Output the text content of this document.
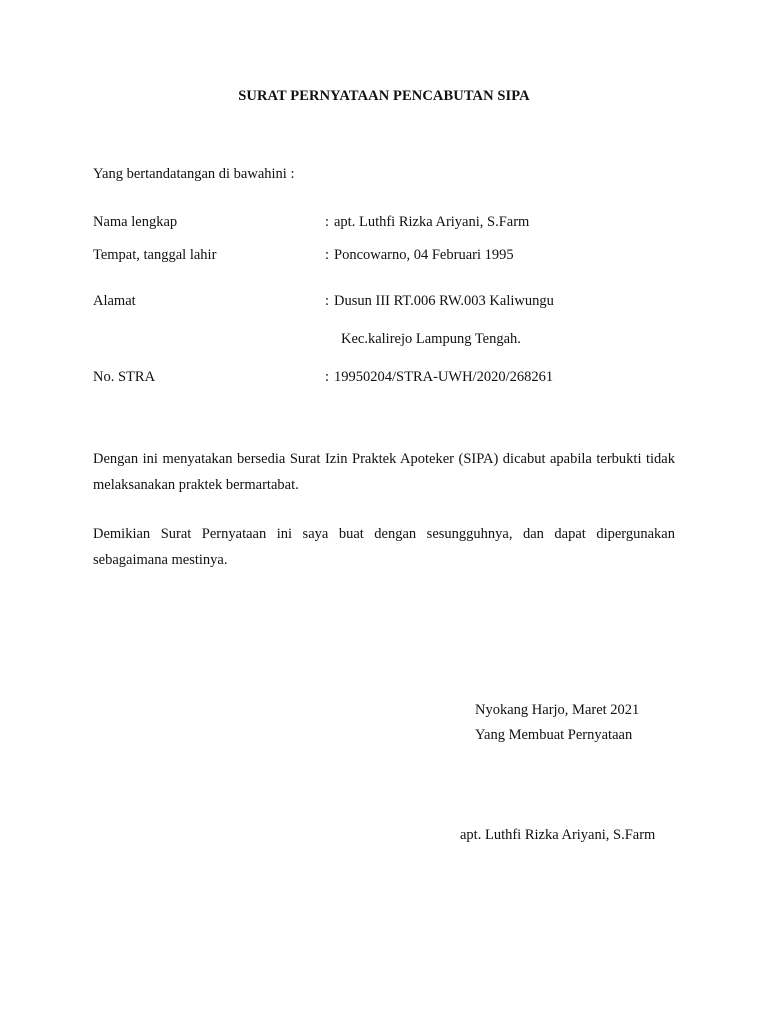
SURAT PERNYATAAN PENCABUTAN SIPA
Yang bertandatangan di bawahini :
Nama lengkap	: apt. Luthfi Rizka Ariyani, S.Farm
Tempat, tanggal lahir	: Poncowarno, 04 Februari 1995
Alamat	: Dusun III RT.006 RW.003 Kaliwungu
Kec.kalirejo Lampung Tengah.
No. STRA	: 19950204/STRA-UWH/2020/268261
Dengan ini menyatakan bersedia Surat Izin Praktek Apoteker (SIPA) dicabut apabila terbukti tidak melaksanakan praktek bermartabat.
Demikian Surat Pernyataan ini saya buat dengan sesungguhnya, dan dapat dipergunakan sebagaimana mestinya.
Nyokang Harjo, Maret 2021
Yang Membuat Pernyataan
apt. Luthfi Rizka Ariyani, S.Farm
